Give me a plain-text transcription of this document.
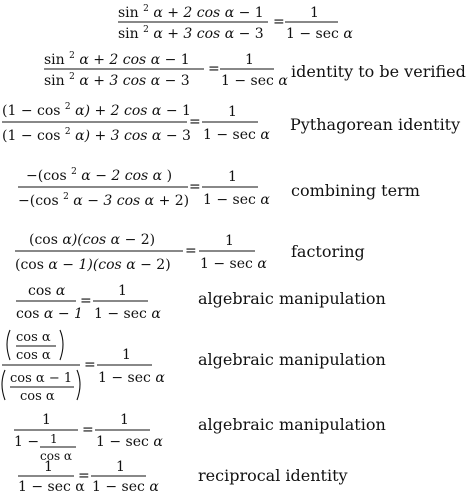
sin $^2$ α + 2 cos α − 1
sin $^2$ α + 3 cos α − 3
=
1
1 − sec α
sin $^2$ α + 2 cos α − 1
sin $^2$ α + 3 cos α − 3
=
1
1 − sec α identity to be verified
(1 − cos $^2$ α) + 2 cos α − 1
(1 − cos $^2$ α) + 3 cos α − 3
=
1
1 − sec α
Pythagorean identity
−(cos $^2$ α − 2 cos α )
−(cos $^2$ α − 3 cos α + 2)
=
1
1 − sec α combining term
(cos α)(cos α − 2)
(cos α − 1)(cos α − 2)
=
1
1 − sec α
factoring
cos α
cos α − 1
=
1
1 − sec α
algebraic manipulation
cos α
cos α
cos α − 1
cos α
=
1
1 − sec α
algebraic manipulation
1
1 − 1
cos α
=
1
1 − sec α
algebraic manipulation
1
1 − sec α
=
1
1 − sec α
reciprocal identity
